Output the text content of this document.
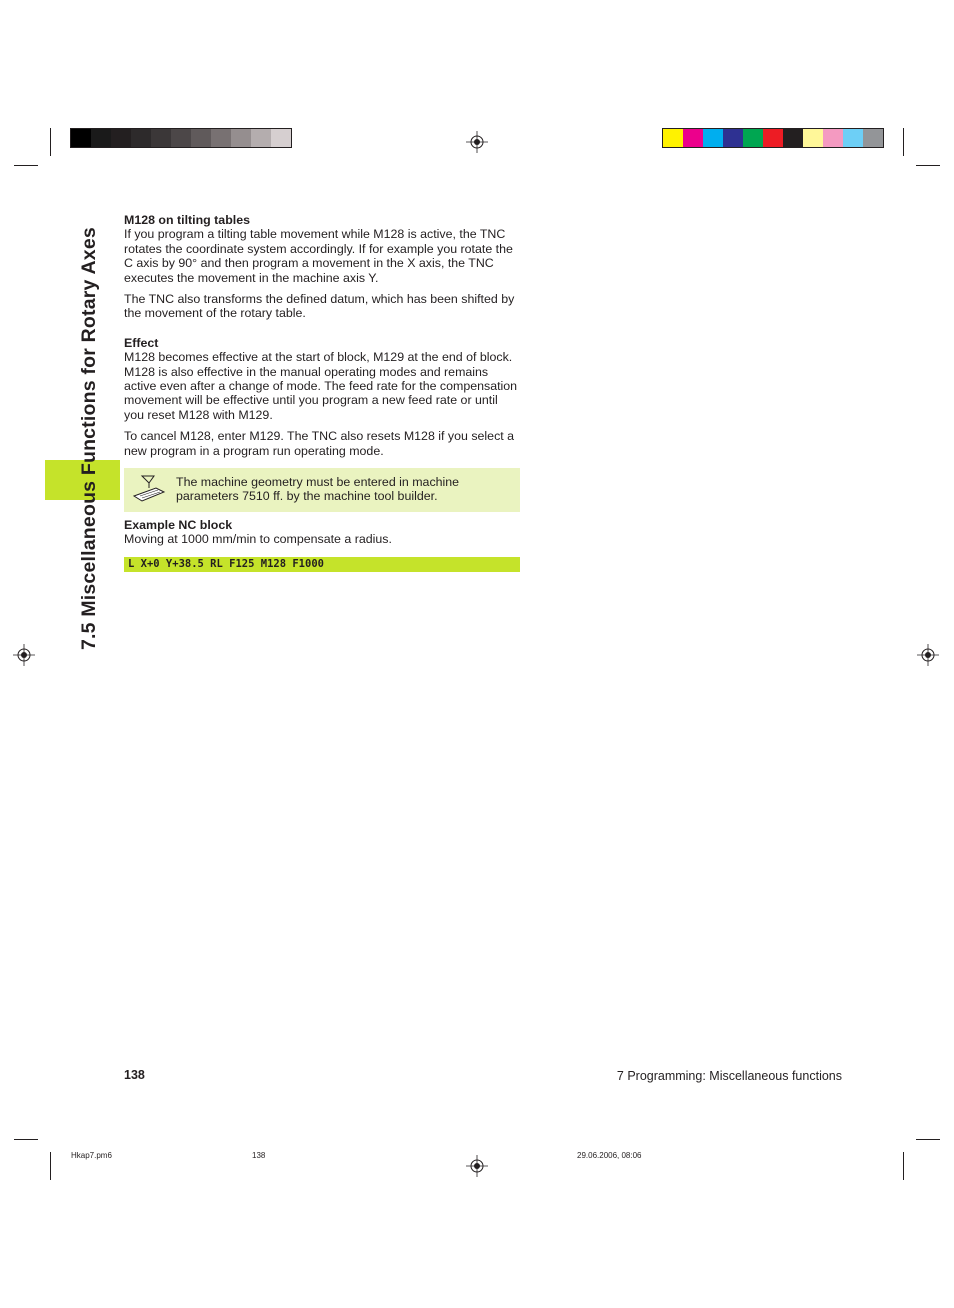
7.5 Miscellaneous Functions for Rotary Axes

M128 on tilting tables

If you program a tilting table movement while M128 is active, the TNC rotates the coordinate system accordingly. If for example you rotate the C axis by 90° and then program a movement in the X axis, the TNC executes the movement in the machine axis Y.

The TNC also transforms the defined datum, which has been shifted by the movement of the rotary table.

Effect

M128 becomes effective at the start of block, M129 at the end of block. M128 is also effective in the manual operating modes and remains active even after a change of mode. The feed rate for the compensation movement will be effective until you program a new feed rate or until you reset M128 with M129.

To cancel M128, enter M129. The TNC also resets M128 if you select a new program in a program run operating mode.

The machine geometry must be entered in machine parameters 7510 ff. by the machine tool builder.

Example NC block

Moving at 1000 mm/min to compensate a radius.

L X+0 Y+38.5 RL F125 M128 F1000
138	7 Programming: Miscellaneous functions
Hkap7.pm6	138	29.06.2006, 08:06
